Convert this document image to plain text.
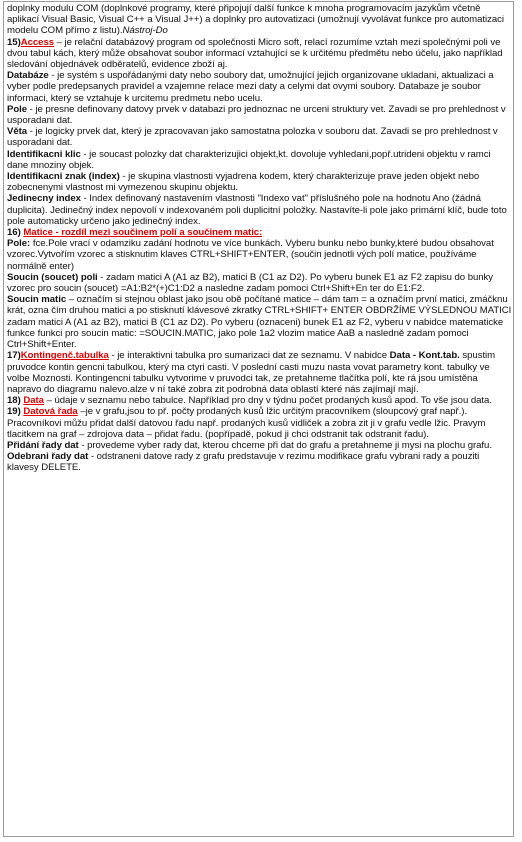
doplnky modulu COM (doplnkové programy, které připojují další funkce k mnoha programovacím jazykům včetně aplikací Visual Basic, Visual C++ a Visual J++) a doplnky pro autovatizaci (umožnují vyvolávat funkce pro automatizaci modelu COM přímo z listu).Nástroj-Do

15)Access – je relační databázový program od společnosti Micro soft, relací rozumíme vztah mezi společnými poli ve dvou tabul kách, který může obsahovat soubor informací vztahující se k určitému předmětu nebo účelu, jako například sledování objednávek odběratelů, evidence zboží aj.

Databáze - je systém s uspořádanými daty nebo soubory dat, umožnující jejich organizovane ukladani, aktualizaci a vyber podle predepsanych pravidel a vzajemne relace mezi daty a celymi dat ovymi soubory. Databaze je soubor informaci, který se vztahuje k urcitemu predmetu nebo ucelu.

Pole - je presne definovany datovy prvek v databazi pro jednoznac ne urceni struktury vet. Zavadi se pro prehlednost v usporadani dat.

Věta - je logicky prvek dat, který je zpracovavan jako samostatna polozka v souboru dat. Zavadi se pro prehlednost v usporadani dat.

Identifikacni klic - je soucast polozky dat charakterizujici objekt,kt. dovoluje vyhledani,popř.utrideni objektu v ramci dane mnoziny objek.

Identifikacni znak (index) - je skupina vlastnosti vyjadrena kodem, který charakterizuje prave jeden objekt nebo zobecnenymi vlastnost mi vymezenou skupinu objektu.

Jedinecny index - Index definovaný nastavením vlastnosti "Indexo vat" příslušného pole na hodnotu Ano (žádná duplicita). Jedinečný index nepovolí v indexovaném poli duplicitní položky. Nastavíte-li pole jako primární klíč, bude toto pole automaticky určeno jako jedinečný index.

16) Matice - rozdíl mezi součinem polí a součinem matic:

Pole: fce.Pole vrací v odamziku zadání hodnotu ve více bunkách. Vyberu bunku nebo bunky,které budou obsahovat vzorec.Vytvořím vzorec a stisknutim klaves CTRL+SHIFT+ENTER, (součin jednotli vých polí matice, používáme normálně enter)

Soucin (soucet) poli - zadam matici A (A1 az B2), matici B (C1 az D2). Po vyberu bunek E1 az F2 zapisu do bunky vzorec pro soucin (soucet) =A1:B2*(+)C1:D2 a nasledne zadam pomoci Ctrl+Shift+En ter do E1:F2.

Soucin matic – označím si stejnou oblast jako jsou obě počítané matice – dám tam = a označím první matici, zmáčknu krát, ozna čím druhou matici a po stisknutí klávesové zkratky CTRL+SHIFT+ ENTER OBDRŽÍME VÝSLEDNOU MATICI zadam matici A (A1 az B2), matici B (C1 az D2). Po vyberu (oznaceni) bunek E1 az F2, vyberu v nabidce matematicke funkce funkci pro soucin matic: =SOUCIN.MATIC, jako pole 1a2 vlozim matice AaB a nasledně zadam pomoci Ctrl+Shift+Enter.

17)Kontingenč.tabulka - je interaktivni tabulka pro sumarizaci dat ze seznamu. V nabidce Data - Kont.tab. spustim pruvodce kontin gencni tabulkou, který ma ctyri casti. V poslední casti muzu nasta vovat parametry kont. tabulky ve volbe Moznosti. Kontingencni tabulku vytvorime v pruvodci tak, ze pretahneme tlačítka polí, kte rá jsou umístěna napravo do diagramu nalevo.alze v ní také zobra zit podrobná data oblastí které nás zajímají mají.

18) Data – údaje v seznamu nebo tabulce. Například pro dny v týdnu počet prodaných kusů apod. To vše jsou data.

19) Datová řada –je v grafu,jsou to př. počty prodaných kusů lžic určitým pracovníkem (sloupcový graf např.). Pracovníkovi můžu přidat další datovou řadu např. prodaných kusů vidliček a zobra zit ji v grafu vedle lžic. Pravym tlacitkem na graf – zdrojova data – přidat řadu. (popřípadě, pokud ji chci odstranit tak odstranit řadu).

Přidání řady dat - provedeme vyber rady dat, kterou chceme při dat do grafu a pretahneme ji mysi na plochu grafu. Odebrani řady dat - odstraneni datove rady z grafu predstavuje v rezimu modifikace grafu vybrani rady a pouziti klavesy DELETE.
